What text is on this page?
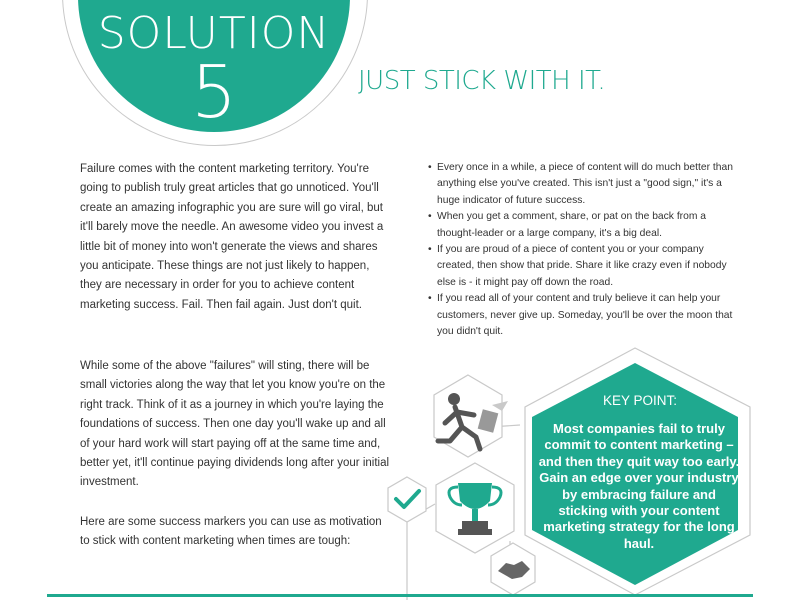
SOLUTION
5	JUST STICK WITH IT.

Failure comes with the content marketing territory. You're going to publish truly great articles that go unnoticed. You'll create an amazing infographic you are sure will go viral, but it'll barely move the needle. An awesome video you invest a little bit of money into won't generate the views and shares you anticipate. These things are not just likely to happen, they are necessary in order for you to achieve content marketing success. Fail. Then fail again. Just don't quit.

While some of the above "failures" will sting, there will be small victories along the way that let you know you're on the right track. Think of it as a journey in which you're laying the foundations of success. Then one day you'll wake up and all of your hard work will start paying off at the same time and, better yet, it'll continue paying dividends long after your initial investment.

Here are some success markers you can use as motivation to stick with content marketing when times are tough:

• Every once in a while, a piece of content will do much better than anything else you've created. This isn't just a "good sign," it's a huge indicator of future success.
• When you get a comment, share, or pat on the back from a thought-leader or a large company, it's a big deal.
• If you are proud of a piece of content you or your company created, then show that pride. Share it like crazy even if nobody else is - it might pay off down the road.
• If you read all of your content and truly believe it can help your customers, never give up. Someday, you'll be over the moon that you didn't quit.
KEY POINT:
Most companies fail to truly commit to content marketing – and then they quit way too early. Gain an edge over your industry by embracing failure and sticking with your content marketing strategy for the long haul.
